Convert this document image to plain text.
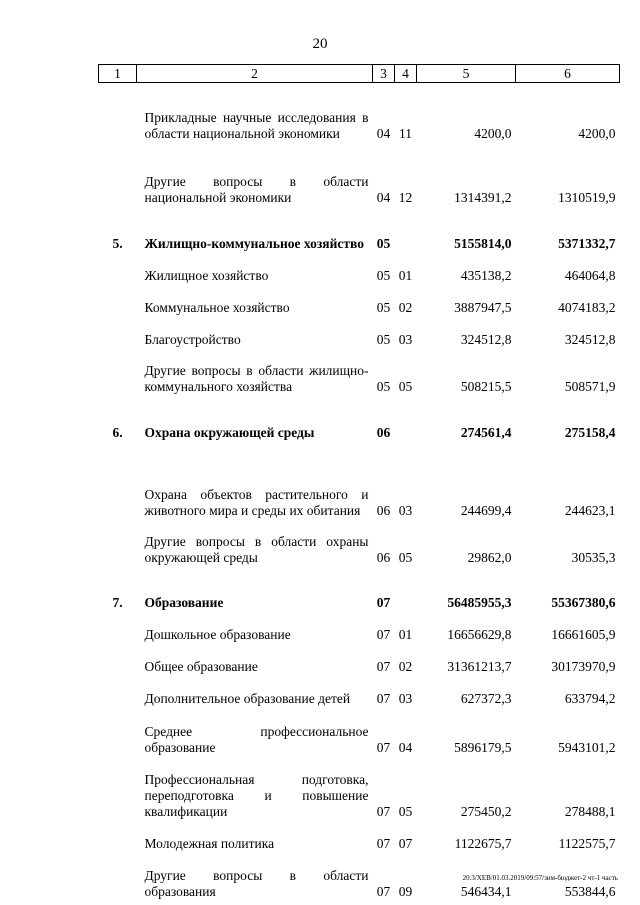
20
1	2	3	4	5	6
	Прикладные научные исследования в области национальной экономики	04	11	4200,0	4200,0
	Другие вопросы в области национальной экономики	04	12	1314391,2	1310519,9
5.	Жилищно-коммунальное хозяйство	05		5155814,0	5371332,7
	Жилищное хозяйство	05	01	435138,2	464064,8
	Коммунальное хозяйство	05	02	3887947,5	4074183,2
	Благоустройство	05	03	324512,8	324512,8
	Другие вопросы в области жилищно-коммунального хозяйства	05	05	508215,5	508571,9
6.	Охрана окружающей среды	06		274561,4	275158,4
	Охрана объектов растительного и животного мира и среды их обитания	06	03	244699,4	244623,1
	Другие вопросы в области охраны окружающей среды	06	05	29862,0	30535,3
7.	Образование	07		56485955,3	55367380,6
	Дошкольное образование	07	01	16656629,8	16661605,9
	Общее образование	07	02	31361213,7	30173970,9
	Дополнительное образование детей	07	03	627372,3	633794,2
	Среднее профессиональное образование	07	04	5896179,5	5943101,2
	Профессиональная подготовка, переподготовка и повышение квалификации	07	05	275450,2	278488,1
	Молодежная политика	07	07	1122675,7	1122575,7
	Другие вопросы в области образования	07	09	546434,1	553844,6
20.3/ХЕВ/01.03.2019/09:57/зим-бюджет-2 чт-1 часть
